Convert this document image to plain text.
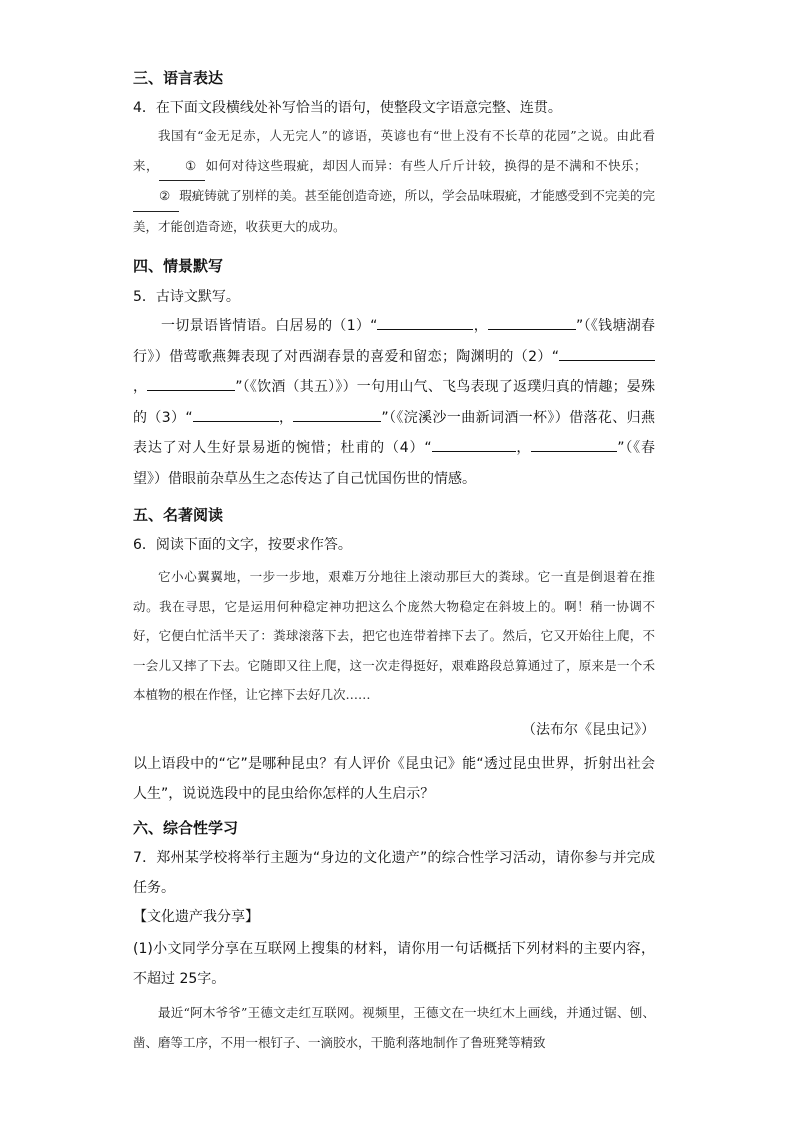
三、语言表达
4．在下面文段横线处补写恰当的语句，使整段文字语意完整、连贯。
我国有“金无足赤，人无完人”的谚语，英谚也有“世上没有不长草的花园”之说。由此看来， ① 如何对待这些瑕疵，却因人而异：有些人斤斤计较，换得的是不满和不快乐；  ② 瑕疵铸就了别样的美。甚至能创造奇迹，所以，学会品味瑕疵，才能感受到不完美的完美，才能创造奇迹，收获更大的成功。
四、情景默写
5．古诗文默写。
一切景语皆情语。白居易的（1）“	，	”（《钱塘湖春行》）借莺歌燕舞表现了对西湖春景的喜爱和留恋；陶渊明的（2）“，	”（《饮酒（其五）》）一句用山气、飞鸟表现了返璞归真的情趣；晏殊的（3）“	，	”（《浣溪沙一曲新词酒一杯》）借落花、归燕表达了对人生好景易逝的惋惜；杜甫的（4）“	，	”（《春望》）借眼前杂草丛生之态传达了自己忧国伤世的情感。
五、名著阅读
6．阅读下面的文字，按要求作答。
它小心翼翼地，一步一步地，艰难万分地往上滚动那巨大的粪球。它一直是倒退着在推动。我在寻思，它是运用何种稳定神功把这么个庞然大物稳定在斜坡上的。啊！稍一协调不好，它便白忙活半天了：粪球滚落下去，把它也连带着摔下去了。然后，它又开始往上爬，不一会儿又摔了下去。它随即又往上爬，这一次走得挺好，艰难路段总算通过了，原来是一个禾本植物的根在作怪，让它摔下去好几次……
（法布尔《昆虫记》）
以上语段中的“它”是哪种昆虫？有人评价《昆虫记》能“透过昆虫世界，折射出社会人生”，说说选段中的昆虫给你怎样的人生启示？
六、综合性学习
7．郑州某学校将举行主题为“身边的文化遗产”的综合性学习活动，请你参与并完成任务。
【文化遗产我分享】
(1)小文同学分享在互联网上搜集的材料，请你用一句话概括下列材料的主要内容，不超过 25字。
最近“阿木爷爷”王德文走红互联网。视频里，王德文在一块红木上画线，并通过锯、刨、凿、磨等工序，不用一根钉子、一滴胶水，干脆利落地制作了鲁班凳等精致
